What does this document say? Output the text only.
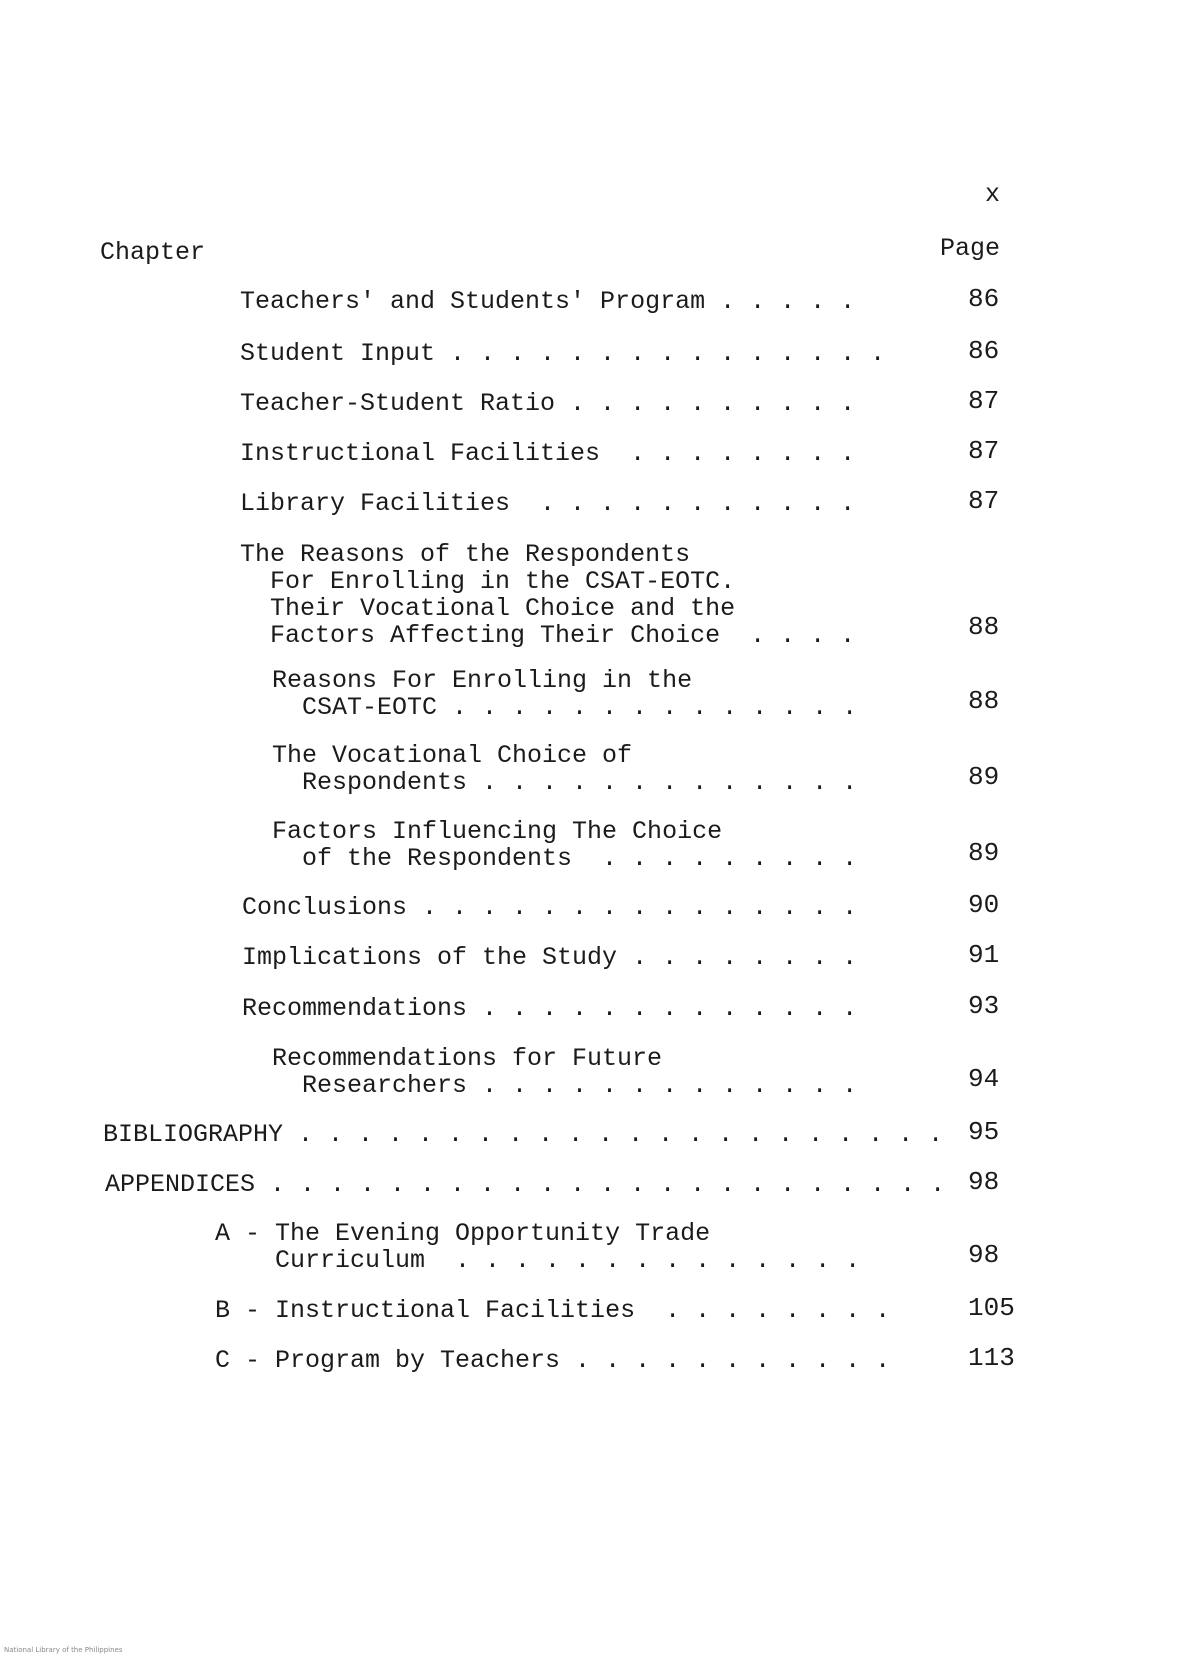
x
Chapter	Page
Teachers' and Students' Program . . . . .	86
Student Input . . . . . . . . . . . . . . .	86
Teacher-Student Ratio . . . . . . . . . .	87
Instructional Facilities  . . . . . . . .	87
Library Facilities  . . . . . . . . . . .	87
The Reasons of the Respondents
For Enrolling in the CSAT-EOTC.
Their Vocational Choice and the
Factors Affecting Their Choice  . . . .	88
Reasons For Enrolling in the
CSAT-EOTC . . . . . . . . . . . . . .	88
The Vocational Choice of
Respondents . . . . . . . . . . . . .	89
Factors Influencing The Choice
of the Respondents  . . . . . . . . .	89
Conclusions . . . . . . . . . . . . . . .	90
Implications of the Study . . . . . . . .	91
Recommendations . . . . . . . . . . . . .	93
Recommendations for Future
Researchers . . . . . . . . . . . . .	94
BIBLIOGRAPHY . . . . . . . . . . . . . . . . . . . . . . 95
APPENDICES . . . . . . . . . . . . . . . . . . . . . . . 98
A - The Evening Opportunity Trade
Curriculum  . . . . . . . . . . . . . .	98
B - Instructional Facilities  . . . . . . . .	105
C - Program by Teachers . . . . . . . . . . .	113
National Library of the Philippines
